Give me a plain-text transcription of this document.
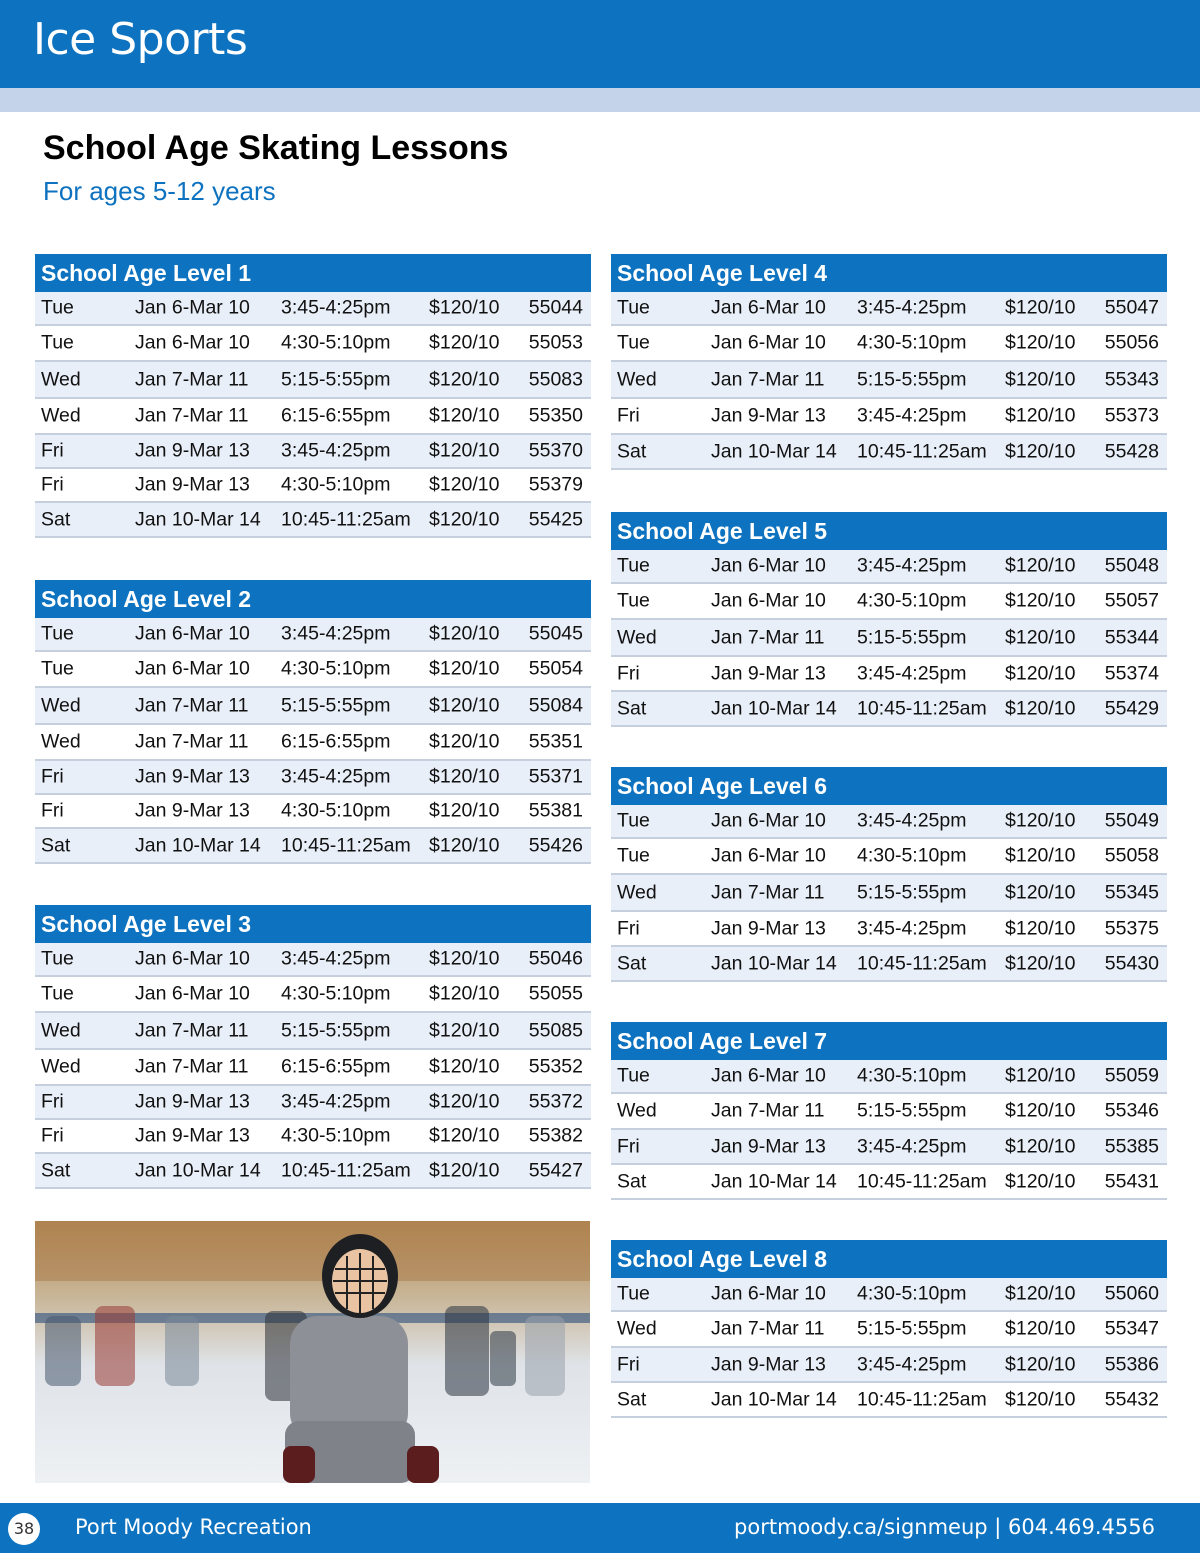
Ice Sports
School Age Skating Lessons
For ages 5-12 years
School Age Level 1
Tue	Jan 6-Mar 10 3:45-4:25pm $120/10 55044
Tue	Jan 6-Mar 10 4:30-5:10pm $120/10 55053
Wed	Jan 7-Mar 11 5:15-5:55pm $120/10 55083
Wed	Jan 7-Mar 11 6:15-6:55pm $120/10 55350
Fri	Jan 9-Mar 13 3:45-4:25pm $120/10 55370
Fri	Jan 9-Mar 13 4:30-5:10pm $120/10 55379
Sat	Jan 10-Mar 14 10:45-11:25am $120/10 55425
School Age Level 2
Tue	Jan 6-Mar 10 3:45-4:25pm $120/10 55045
Tue	Jan 6-Mar 10 4:30-5:10pm $120/10 55054
Wed	Jan 7-Mar 11 5:15-5:55pm $120/10 55084
Wed	Jan 7-Mar 11 6:15-6:55pm $120/10 55351
Fri	Jan 9-Mar 13 3:45-4:25pm $120/10 55371
Fri	Jan 9-Mar 13 4:30-5:10pm $120/10 55381
Sat	Jan 10-Mar 14 10:45-11:25am $120/10 55426
School Age Level 3
Tue	Jan 6-Mar 10 3:45-4:25pm $120/10 55046
Tue	Jan 6-Mar 10 4:30-5:10pm $120/10 55055
Wed	Jan 7-Mar 11 5:15-5:55pm $120/10 55085
Wed	Jan 7-Mar 11 6:15-6:55pm $120/10 55352
Fri	Jan 9-Mar 13 3:45-4:25pm $120/10 55372
Fri	Jan 9-Mar 13 4:30-5:10pm $120/10 55382
Sat	Jan 10-Mar 14 10:45-11:25am $120/10 55427
School Age Level 4
Tue	Jan 6-Mar 10 3:45-4:25pm $120/10 55047
Tue	Jan 6-Mar 10 4:30-5:10pm $120/10 55056
Wed	Jan 7-Mar 11 5:15-5:55pm $120/10 55343
Fri	Jan 9-Mar 13 3:45-4:25pm $120/10 55373
Sat	Jan 10-Mar 14 10:45-11:25am $120/10 55428
School Age Level 5
Tue	Jan 6-Mar 10 3:45-4:25pm $120/10 55048
Tue	Jan 6-Mar 10 4:30-5:10pm $120/10 55057
Wed	Jan 7-Mar 11 5:15-5:55pm $120/10 55344
Fri	Jan 9-Mar 13 3:45-4:25pm $120/10 55374
Sat	Jan 10-Mar 14 10:45-11:25am $120/10 55429
School Age Level 6
Tue	Jan 6-Mar 10 3:45-4:25pm $120/10 55049
Tue	Jan 6-Mar 10 4:30-5:10pm $120/10 55058
Wed	Jan 7-Mar 11 5:15-5:55pm $120/10 55345
Fri	Jan 9-Mar 13 3:45-4:25pm $120/10 55375
Sat	Jan 10-Mar 14 10:45-11:25am $120/10 55430
School Age Level 7
Tue	Jan 6-Mar 10 4:30-5:10pm $120/10 55059
Wed	Jan 7-Mar 11 5:15-5:55pm $120/10 55346
Fri	Jan 9-Mar 13 3:45-4:25pm $120/10 55385
Sat	Jan 10-Mar 14 10:45-11:25am $120/10 55431
School Age Level 8
Tue	Jan 6-Mar 10 4:30-5:10pm $120/10 55060
Wed	Jan 7-Mar 11 5:15-5:55pm $120/10 55347
Fri	Jan 9-Mar 13 3:45-4:25pm $120/10 55386
Sat	Jan 10-Mar 14 10:45-11:25am $120/10 55432
38 Port Moody Recreation	portmoody.ca/signmeup | 604.469.4556
